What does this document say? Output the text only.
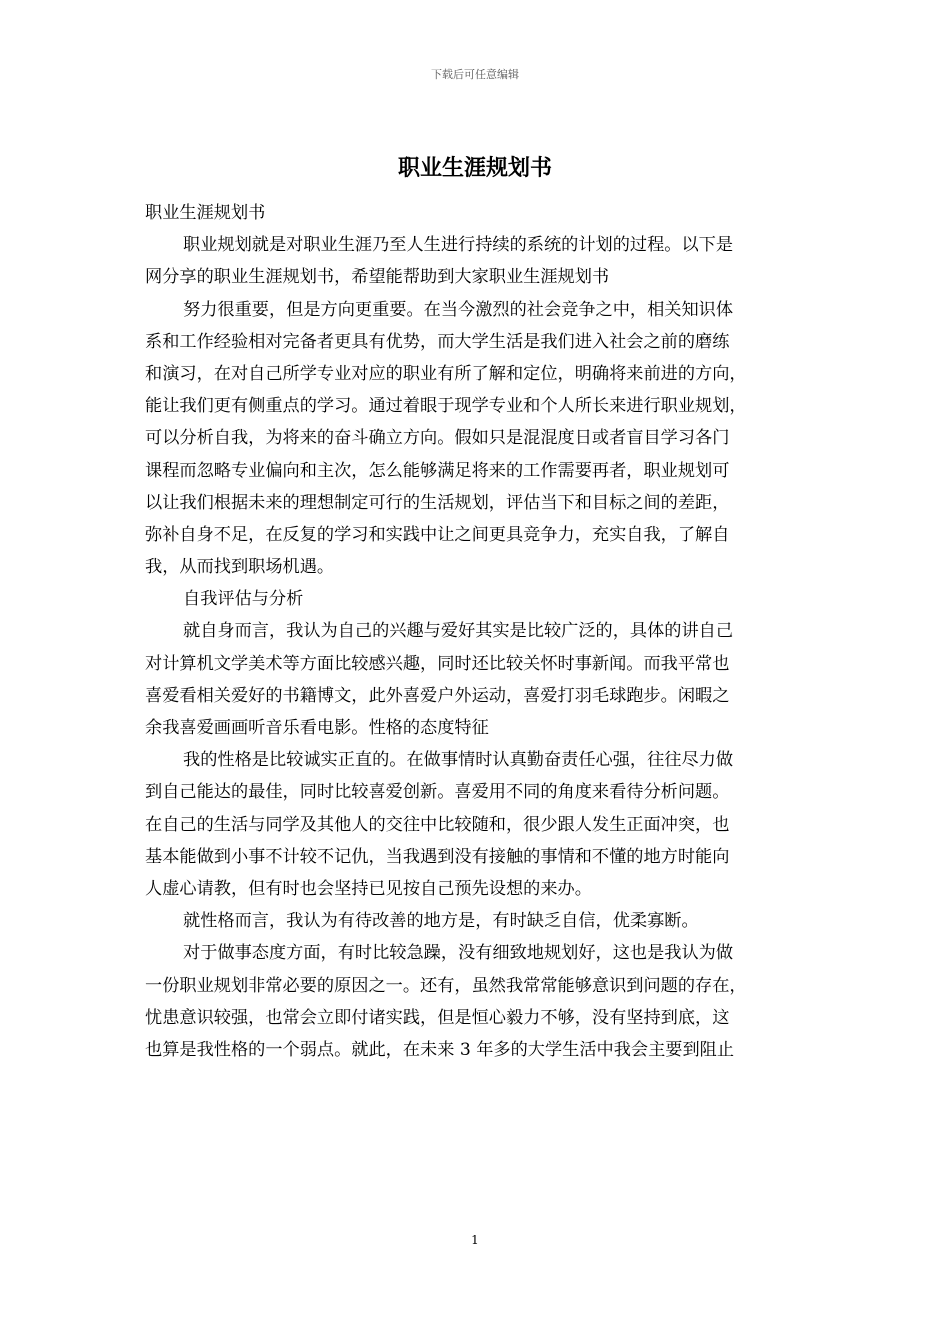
下载后可任意编辑
职业生涯规划书
职业生涯规划书
职业规划就是对职业生涯乃至人生进行持续的系统的计划的过程。以下是
网分享的职业生涯规划书，希望能帮助到大家职业生涯规划书
努力很重要，但是方向更重要。在当今激烈的社会竞争之中，相关知识体
系和工作经验相对完备者更具有优势，而大学生活是我们进入社会之前的磨练
和演习，在对自己所学专业对应的职业有所了解和定位，明确将来前进的方向，
能让我们更有侧重点的学习。通过着眼于现学专业和个人所长来进行职业规划，
可以分析自我，为将来的奋斗确立方向。假如只是混混度日或者盲目学习各门
课程而忽略专业偏向和主次，怎么能够满足将来的工作需要再者，职业规划可
以让我们根据未来的理想制定可行的生活规划，评估当下和目标之间的差距，
弥补自身不足，在反复的学习和实践中让之间更具竞争力，充实自我，了解自
我，从而找到职场机遇。
自我评估与分析
就自身而言，我认为自己的兴趣与爱好其实是比较广泛的，具体的讲自己
对计算机文学美术等方面比较感兴趣，同时还比较关怀时事新闻。而我平常也
喜爱看相关爱好的书籍博文，此外喜爱户外运动，喜爱打羽毛球跑步。闲暇之
余我喜爱画画听音乐看电影。性格的态度特征
我的性格是比较诚实正直的。在做事情时认真勤奋责任心强，往往尽力做
到自己能达的最佳，同时比较喜爱创新。喜爱用不同的角度来看待分析问题。
在自己的生活与同学及其他人的交往中比较随和，很少跟人发生正面冲突，也
基本能做到小事不计较不记仇，当我遇到没有接触的事情和不懂的地方时能向
人虚心请教，但有时也会坚持已见按自己预先设想的来办。
就性格而言，我认为有待改善的地方是，有时缺乏自信，优柔寡断。
对于做事态度方面，有时比较急躁，没有细致地规划好，这也是我认为做
一份职业规划非常必要的原因之一。还有，虽然我常常能够意识到问题的存在，
忧患意识较强，也常会立即付诸实践，但是恒心毅力不够，没有坚持到底，这
也算是我性格的一个弱点。就此，在未来 3 年多的大学生活中我会主要到阻止
1
